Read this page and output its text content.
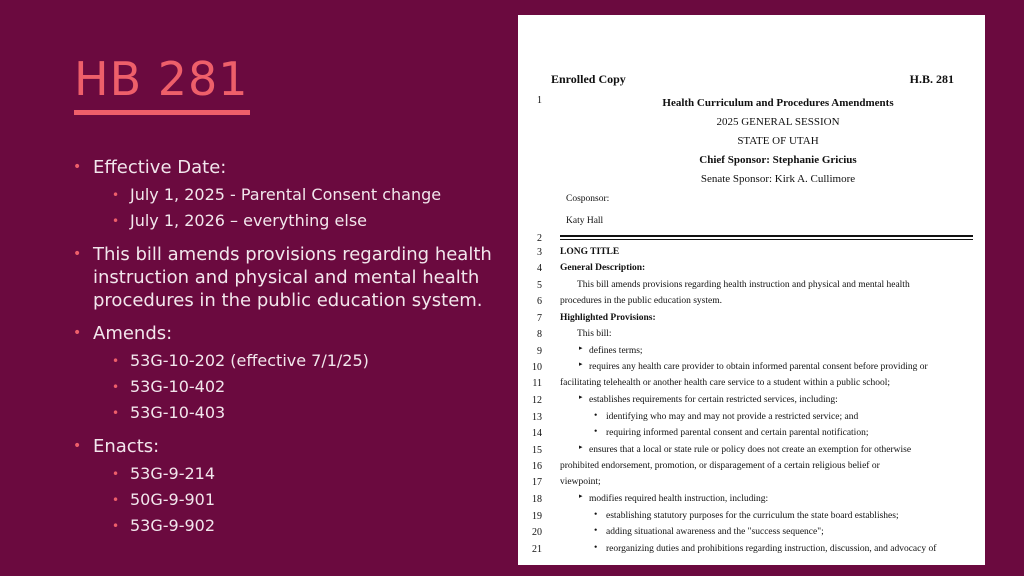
HB 281
• Effective Date:
• July 1, 2025 - Parental Consent change
• July 1, 2026 – everything else
• This bill amends provisions regarding health instruction and physical and mental health procedures in the public education system.
• Amends:
• 53G-10-202 (effective 7/1/25)
• 53G-10-402
• 53G-10-403
• Enacts:
• 53G-9-214
• 50G-9-901
• 53G-9-902
Enrolled Copy	H.B. 281
1	Health Curriculum and Procedures Amendments
2025 GENERAL SESSION
STATE OF UTAH
Chief Sponsor: Stephanie Gricius
Senate Sponsor: Kirk A. Cullimore
Cosponsor:
Katy Hall
2
3 LONG TITLE
4 General Description:
5	This bill amends provisions regarding health instruction and physical and mental health
6 procedures in the public education system.
7 Highlighted Provisions:
8	This bill:
9	▸ defines terms;
10	▸ requires any health care provider to obtain informed parental consent before providing or
11 facilitating telehealth or another health care service to a student within a public school;
12	▸ establishes requirements for certain restricted services, including:
13	• identifying who may and may not provide a restricted service; and
14	• requiring informed parental consent and certain parental notification;
15	▸ ensures that a local or state rule or policy does not create an exemption for otherwise
16 prohibited endorsement, promotion, or disparagement of a certain religious belief or
17 viewpoint;
18	▸ modifies required health instruction, including:
19	• establishing statutory purposes for the curriculum the state board establishes;
20	• adding situational awareness and the "success sequence";
21	• reorganizing duties and prohibitions regarding instruction, discussion, and advocacy of
